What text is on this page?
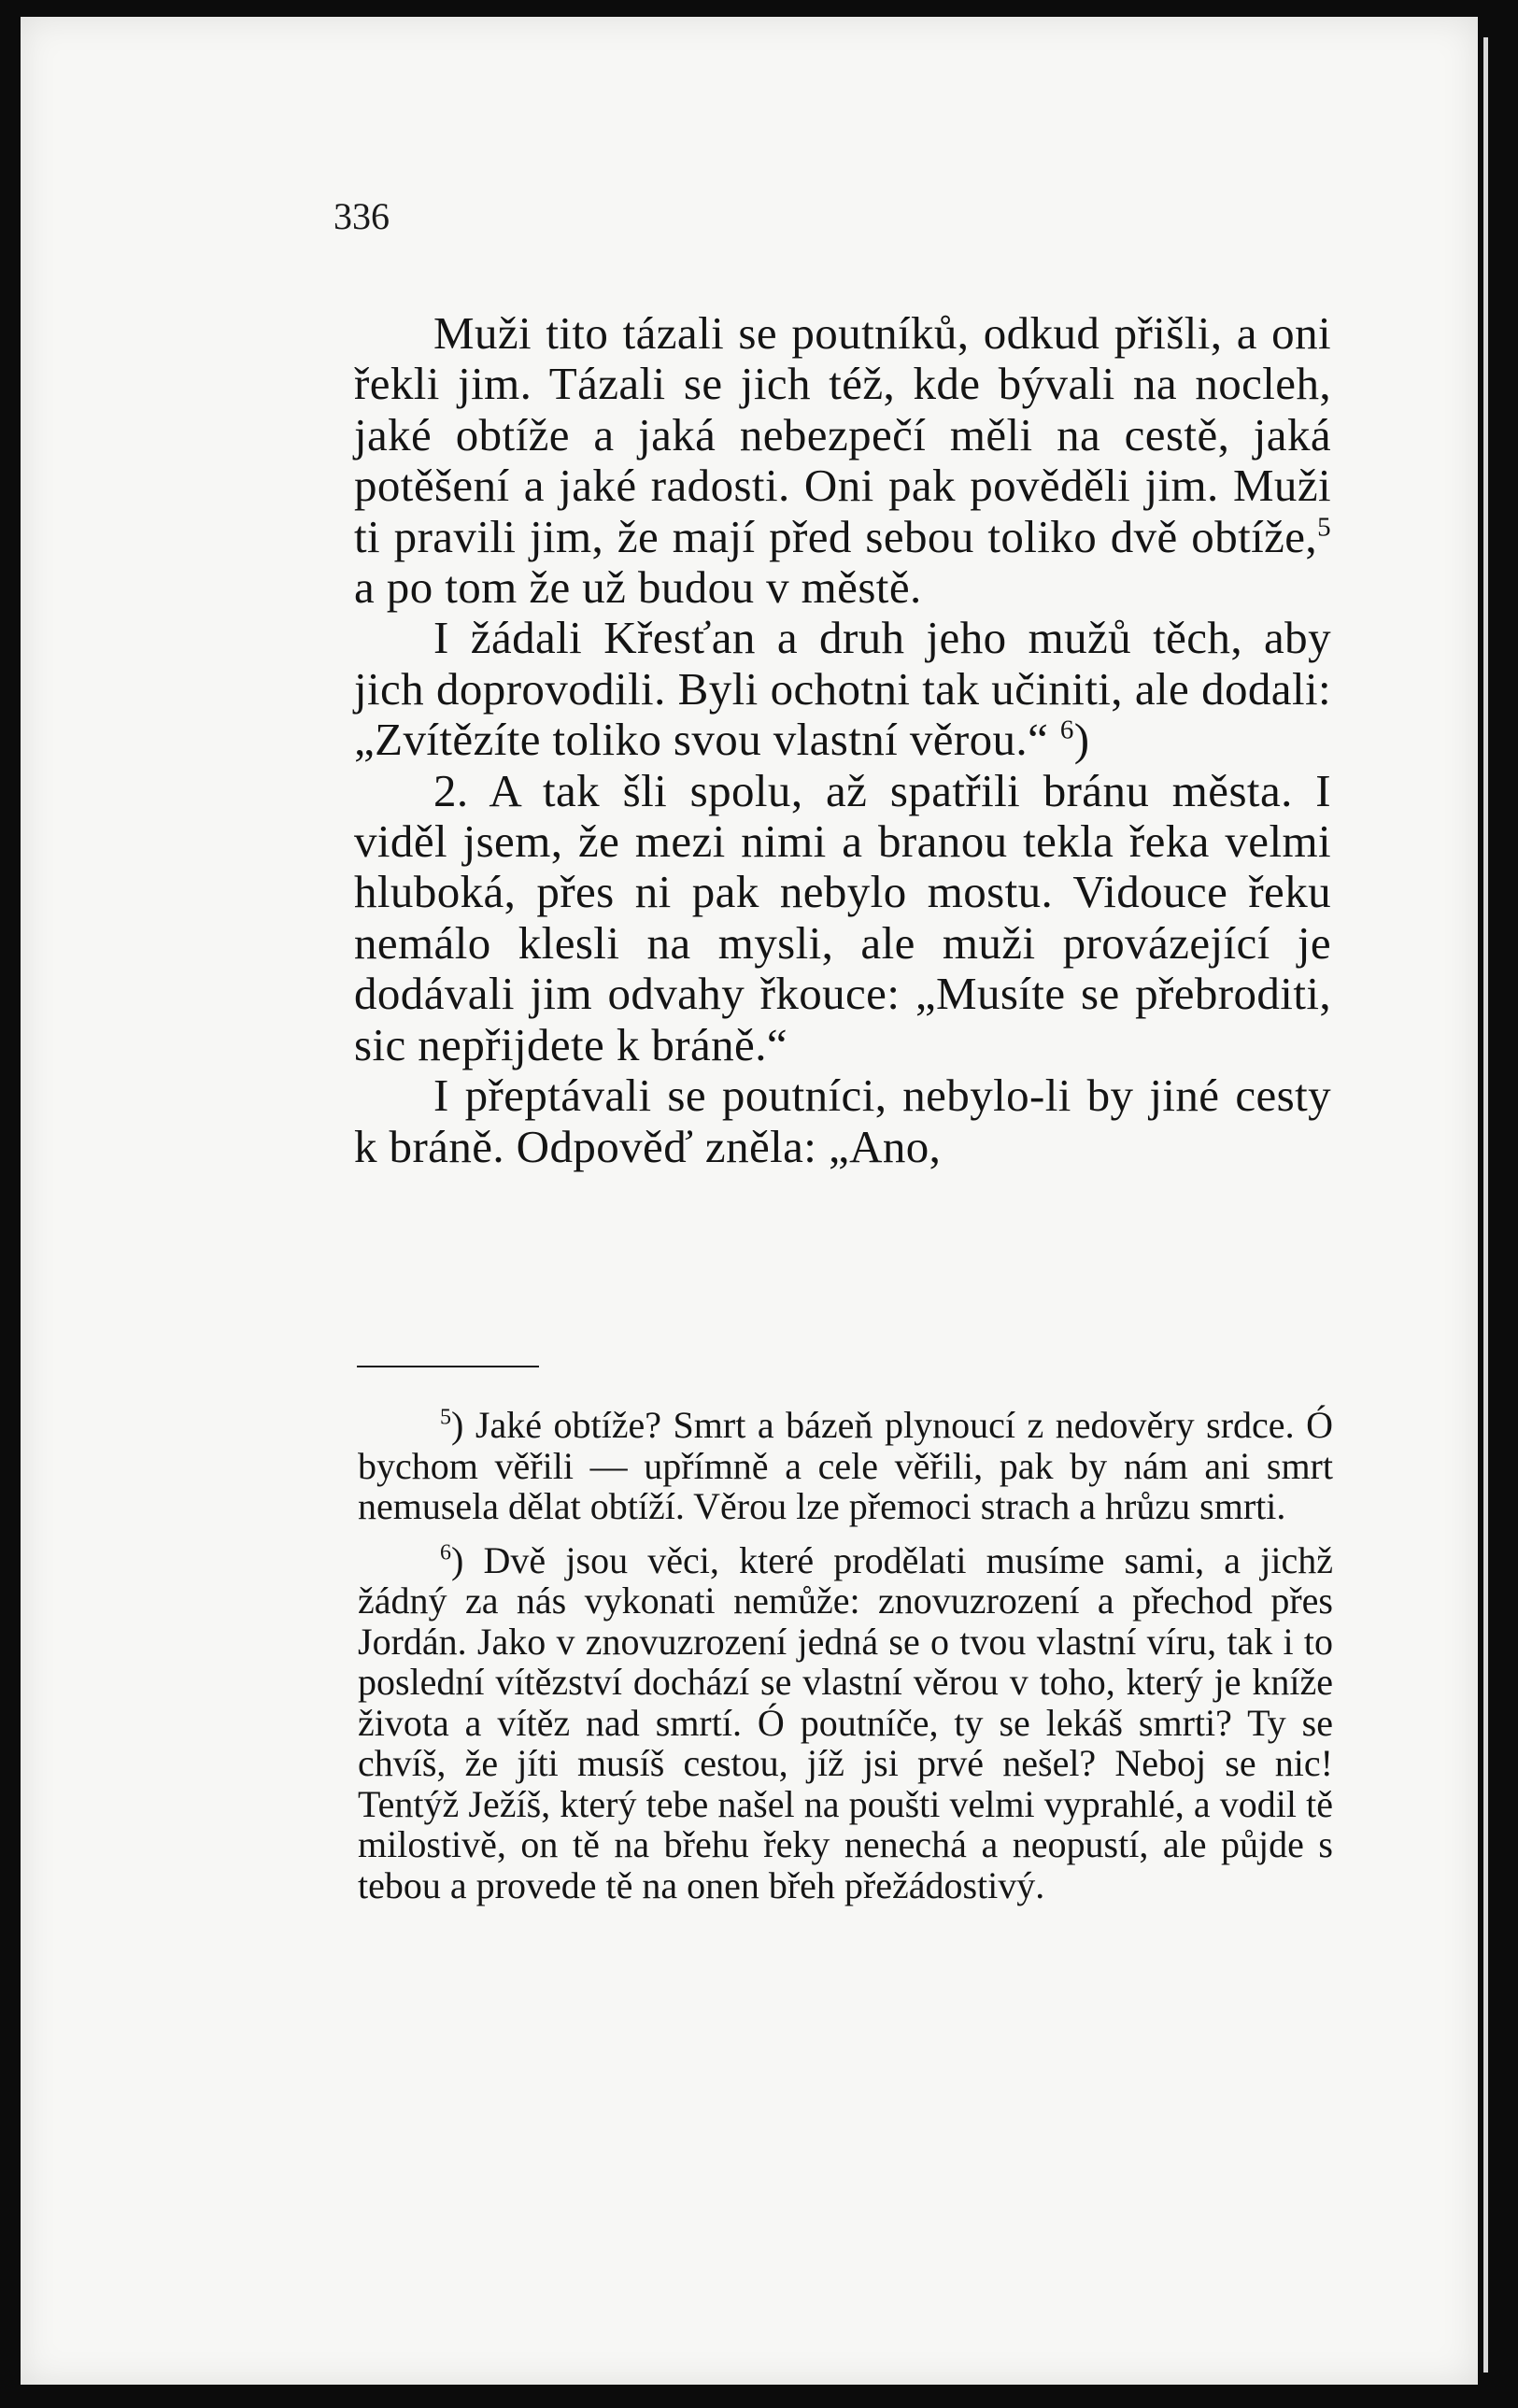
336

Muži tito tázali se poutníků, odkud přišli, a oni řekli jim. Tázali se jich též, kde bývali na nocleh, jaké obtíže a jaká nebezpečí měli na cestě, jaká potěšení a jaké radosti. Oni pak pověděli jim. Muži ti pravili jim, že mají před sebou toliko dvě obtíže,$^5$ a po tom že už budou v městě.

I žádali Křesťan a druh jeho mužů těch, aby jich doprovodili. Byli ochotni tak učiniti, ale dodali: „Zvítězíte toliko svou vlastní věrou.“ $^6$)

2. A tak šli spolu, až spatřili bránu města. I viděl jsem, že mezi nimi a branou tekla řeka velmi hluboká, přes ni pak nebylo mostu. Vidouce řeku nemálo klesli na mysli, ale muži provázející je dodávali jim odvahy řkouce: „Musíte se přebroditi, sic nepřijdete k bráně.“

I přeptávali se poutníci, nebylo-li by jiné cesty k bráně. Odpověď zněla: „Ano,

$^5$) Jaké obtíže? Smrt a bázeň plynoucí z nedověry srdce. Ó bychom věřili — upřímně a cele věřili, pak by nám ani smrt nemusela dělat obtíží. Věrou lze přemoci strach a hrůzu smrti.

$^6$) Dvě jsou věci, které prodělati musíme sami, a jichž žádný za nás vykonati nemůže: znovuzrození a přechod přes Jordán. Jako v znovuzrození jedná se o tvou vlastní víru, tak i to poslední vítězství dochází se vlastní věrou v toho, který je kníže života a vítěz nad smrtí. Ó poutníče, ty se lekáš smrti? Ty se chvíš, že jíti musíš cestou, jíž jsi prvé nešel? Neboj se nic! Tentýž Ježíš, který tebe našel na poušti velmi vyprahlé, a vodil tě milostivě, on tě na břehu řeky nenechá a neopustí, ale půjde s tebou a provede tě na onen břeh přežádostivý.
